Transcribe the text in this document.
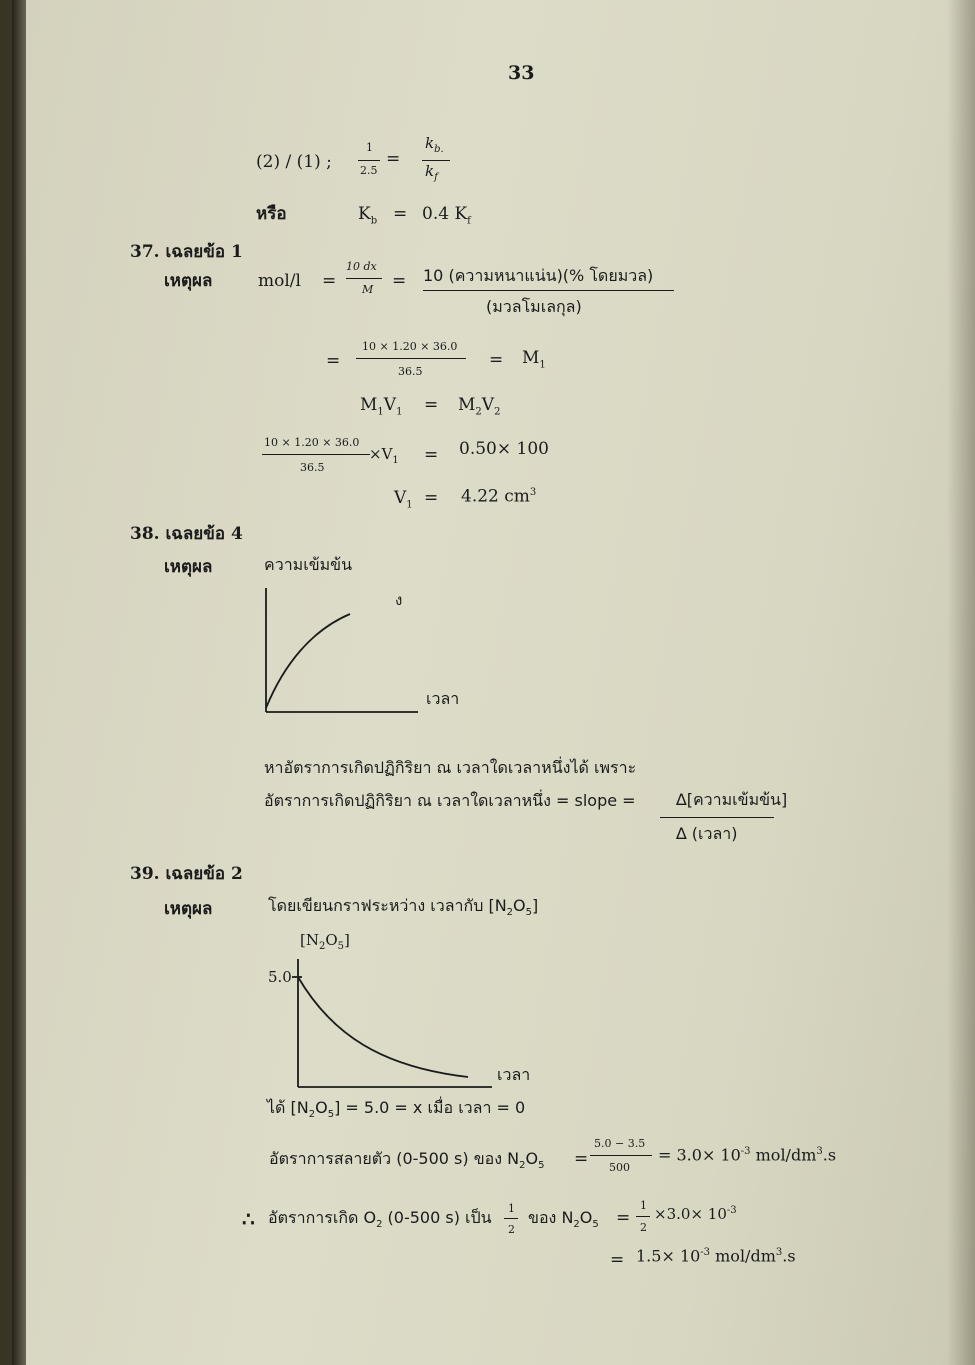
33
(2) / (1) ;
1
2.5
=
$k_{b.}$
$k_f$
หรือ	$K_b = 0.4$ $K_f$
37. เฉลยข้อ 1
เหตุผล	mol/l =
10 dx
M = 10 (ความหนาแน่น)(% โดยมวล)
(มวลโมเลกุล)
=
10 × 1.20 × 36.0
36.5
= $M_1$
$M_1V_1 = M_2V_2$
10 × 1.20 × 36.0
36.5
$\times V_1 = 0.50\times 100$
$V_1 = 4.22$ $cm^3$
38. เฉลยข้อ 4
เหตุผล	ความเข้มข้น
ง
เวลา
หาอัตราการเกิดปฏิกิริยา ณ เวลาใดเวลาหนึ่งได้ เพราะ
อัตราการเกิดปฏิกิริยา ณ เวลาใดเวลาหนึ่ง = slope =	∆[ความเข้มข้น]
∆ (เวลา)
39. เฉลยข้อ 2
เหตุผล	โดยเขียนกราฟระหว่าง เวลากับ $[N_2O_5]$
$[N_2O_5]$
5.0
เวลา
ได้ $[N_2O_5] = 5.0 = x$ เมื่อ เวลา = 0
อัตราการสลายตัว (0-500 s) ของ $N_2O_5$ =
5.0 − 3.5
500
= $3.0\times 10^{-3}$ mol/$dm^3.s$
∴ อัตราการเกิด $O_2$ (0-500 s) เป็น 1
2
ของ $N_2O_5$ =
1
2
$\times 3.0\times 10^{-3}$
= $1.5\times 10^{-3}$ mol/$dm^3.s$
